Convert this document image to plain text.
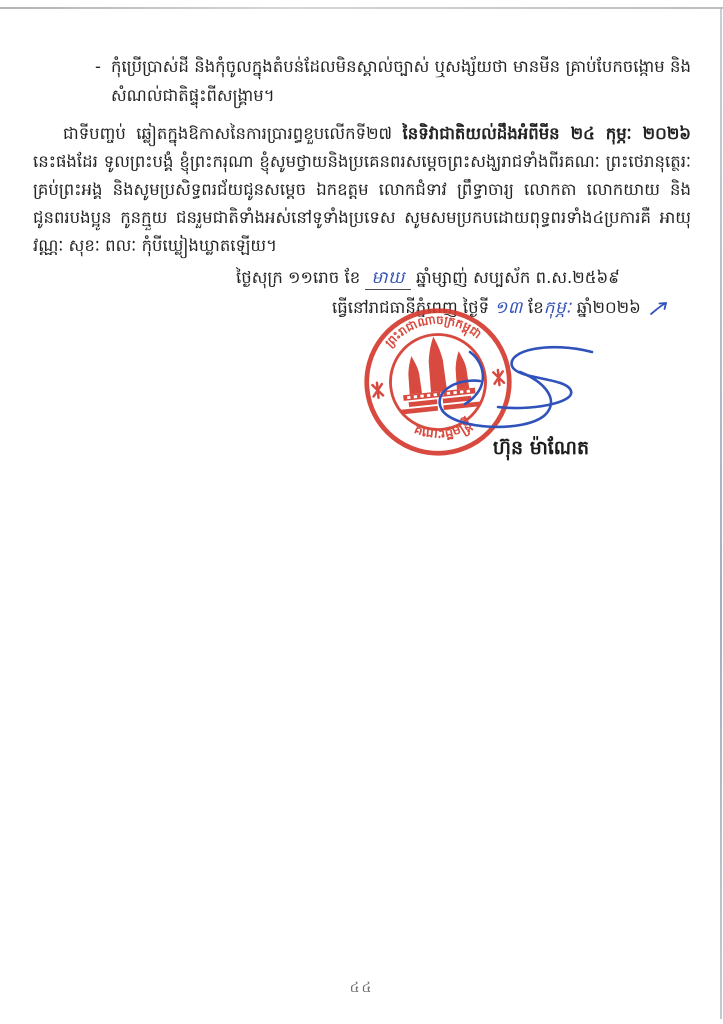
- កុំប្រើប្រាស់ដី និងកុំចូលក្នុងតំបន់ដែលមិនស្គាល់ច្បាស់ ឬសង្ស័យថា មានមីន គ្រាប់បែកចង្កោម និង សំណល់ជាតិផ្ទុះពីសង្គ្រាម។
ជាទីបញ្ចប់ ឆ្លៀតក្នុងឱកាសនៃការប្រារព្ធខួបលើកទី២៧ នៃទិវាជាតិយល់ដឹងអំពីមីន ២៤ កុម្ភៈ ២០២៦ នេះផងដែរ ទូលព្រះបង្គំ ខ្ញុំព្រះករុណា ខ្ញុំសូមថ្វាយនិងប្រគេនពរសម្តេចព្រះសង្ឃរាជទាំងពីរគណៈ ព្រះថេរានុត្ថេរៈ គ្រប់ព្រះអង្គ និងសូមប្រសិទ្ធពរជ័យជូនសម្តេច ឯកឧត្តម លោកជំទាវ ព្រឹទ្ធាចារ្យ លោកតា លោកយាយ និងជូនពរបងប្អូន កូនក្មួយ ជនរួមជាតិទាំងអស់នៅទូទាំងប្រទេស សូមសមប្រកបដោយពុទ្ធពរទាំង៤ប្រការគឺ អាយុ វណ្ណៈ សុខៈ ពលៈ កុំបីឃ្លៀងឃ្លាតឡើយ។
ថ្ងៃសុក្រ ១១រោច ខែ មាឃ ឆ្នាំម្សាញ់ សប្បស័ក ព.ស.២៥៦៩
ធ្វើនៅរាជធានីភ្នំពេញ ថ្ងៃទី ១៣ ខែកុម្ភៈ ឆ្នាំ២០២៦
ព្រះរាជាណាចក្រកម្ពុជា
គណៈរដ្ឋមន្ត្រី
ហ៊ុន ម៉ាណែត
៤៤
